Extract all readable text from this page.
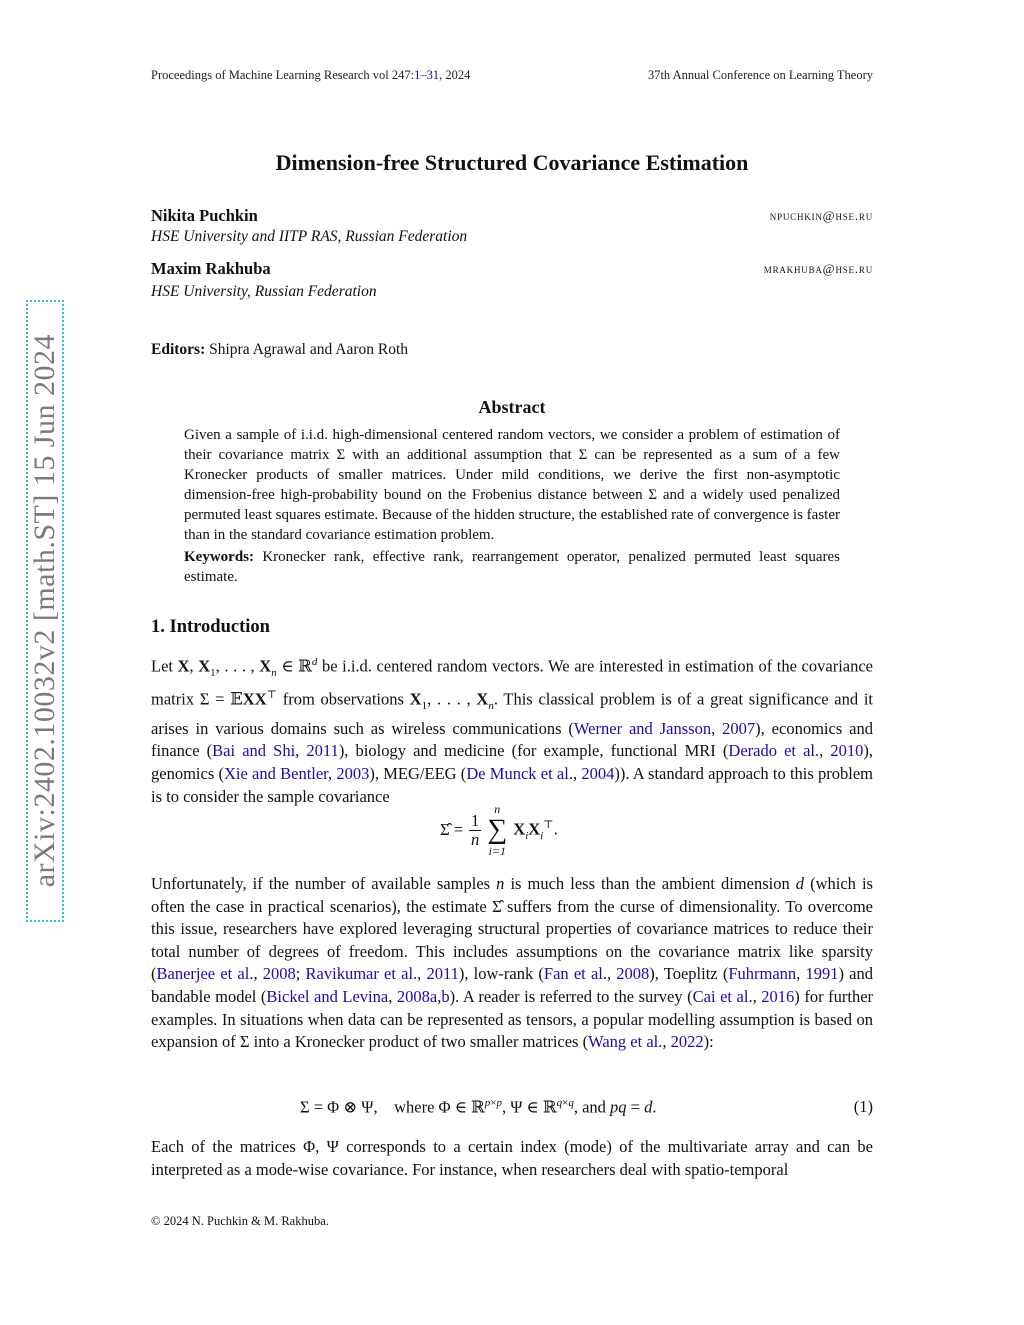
Proceedings of Machine Learning Research vol 247:1–31, 2024	37th Annual Conference on Learning Theory
arXiv:2402.10032v2 [math.ST] 15 Jun 2024
Dimension-free Structured Covariance Estimation
Nikita Puchkin	npuchkin@hse.ru
HSE University and IITP RAS, Russian Federation
Maxim Rakhuba	mrakhuba@hse.ru
HSE University, Russian Federation
Editors: Shipra Agrawal and Aaron Roth
Abstract

Given a sample of i.i.d. high-dimensional centered random vectors, we consider a problem of estimation of their covariance matrix Σ with an additional assumption that Σ can be represented as a sum of a few Kronecker products of smaller matrices. Under mild conditions, we derive the first non-asymptotic dimension-free high-probability bound on the Frobenius distance between Σ and a widely used penalized permuted least squares estimate. Because of the hidden structure, the established rate of convergence is faster than in the standard covariance estimation problem.

Keywords: Kronecker rank, effective rank, rearrangement operator, penalized permuted least squares estimate.

1. Introduction

Let X, $X_1$, . . . , $X_n$ ∈ ℝ$^d$ be i.i.d. centered random vectors. We are interested in estimation of the covariance matrix Σ = 𝔼XX⊤ from observations $X_1$, . . . , $X_n$. This classical problem is of a great significance and it arises in various domains such as wireless communications (Werner and Jansson, 2007), economics and finance (Bai and Shi, 2011), biology and medicine (for example, functional MRI (Derado et al., 2010), genomics (Xie and Bentler, 2003), MEG/EEG (De Munck et al., 2004)). A standard approach to this problem is to consider the sample covariance

Σ̂ = $\frac{1}{n}$
n
∑
i=1
$X_iX_i^⊤$.

Unfortunately, if the number of available samples n is much less than the ambient dimension d (which is often the case in practical scenarios), the estimate Σ̂ suffers from the curse of dimensionality. To overcome this issue, researchers have explored leveraging structural properties of covariance matrices to reduce their total number of degrees of freedom. This includes assumptions on the covariance matrix like sparsity (Banerjee et al., 2008; Ravikumar et al., 2011), low-rank (Fan et al., 2008), Toeplitz (Fuhrmann, 1991) and bandable model (Bickel and Levina, 2008a,b). A reader is referred to the survey (Cai et al., 2016) for further examples. In situations when data can be represented as tensors, a popular modelling assumption is based on expansion of Σ into a Kronecker product of two smaller matrices (Wang et al., 2022):

Σ = Φ ⊗ Ψ,    where Φ ∈ ℝ$^{p\times p}$, Ψ ∈ ℝ$^{q\times q}$, and pq = d.	(1)

Each of the matrices Φ, Ψ corresponds to a certain index (mode) of the multivariate array and can be interpreted as a mode-wise covariance. For instance, when researchers deal with spatio-temporal

© 2024 N. Puchkin & M. Rakhuba.
